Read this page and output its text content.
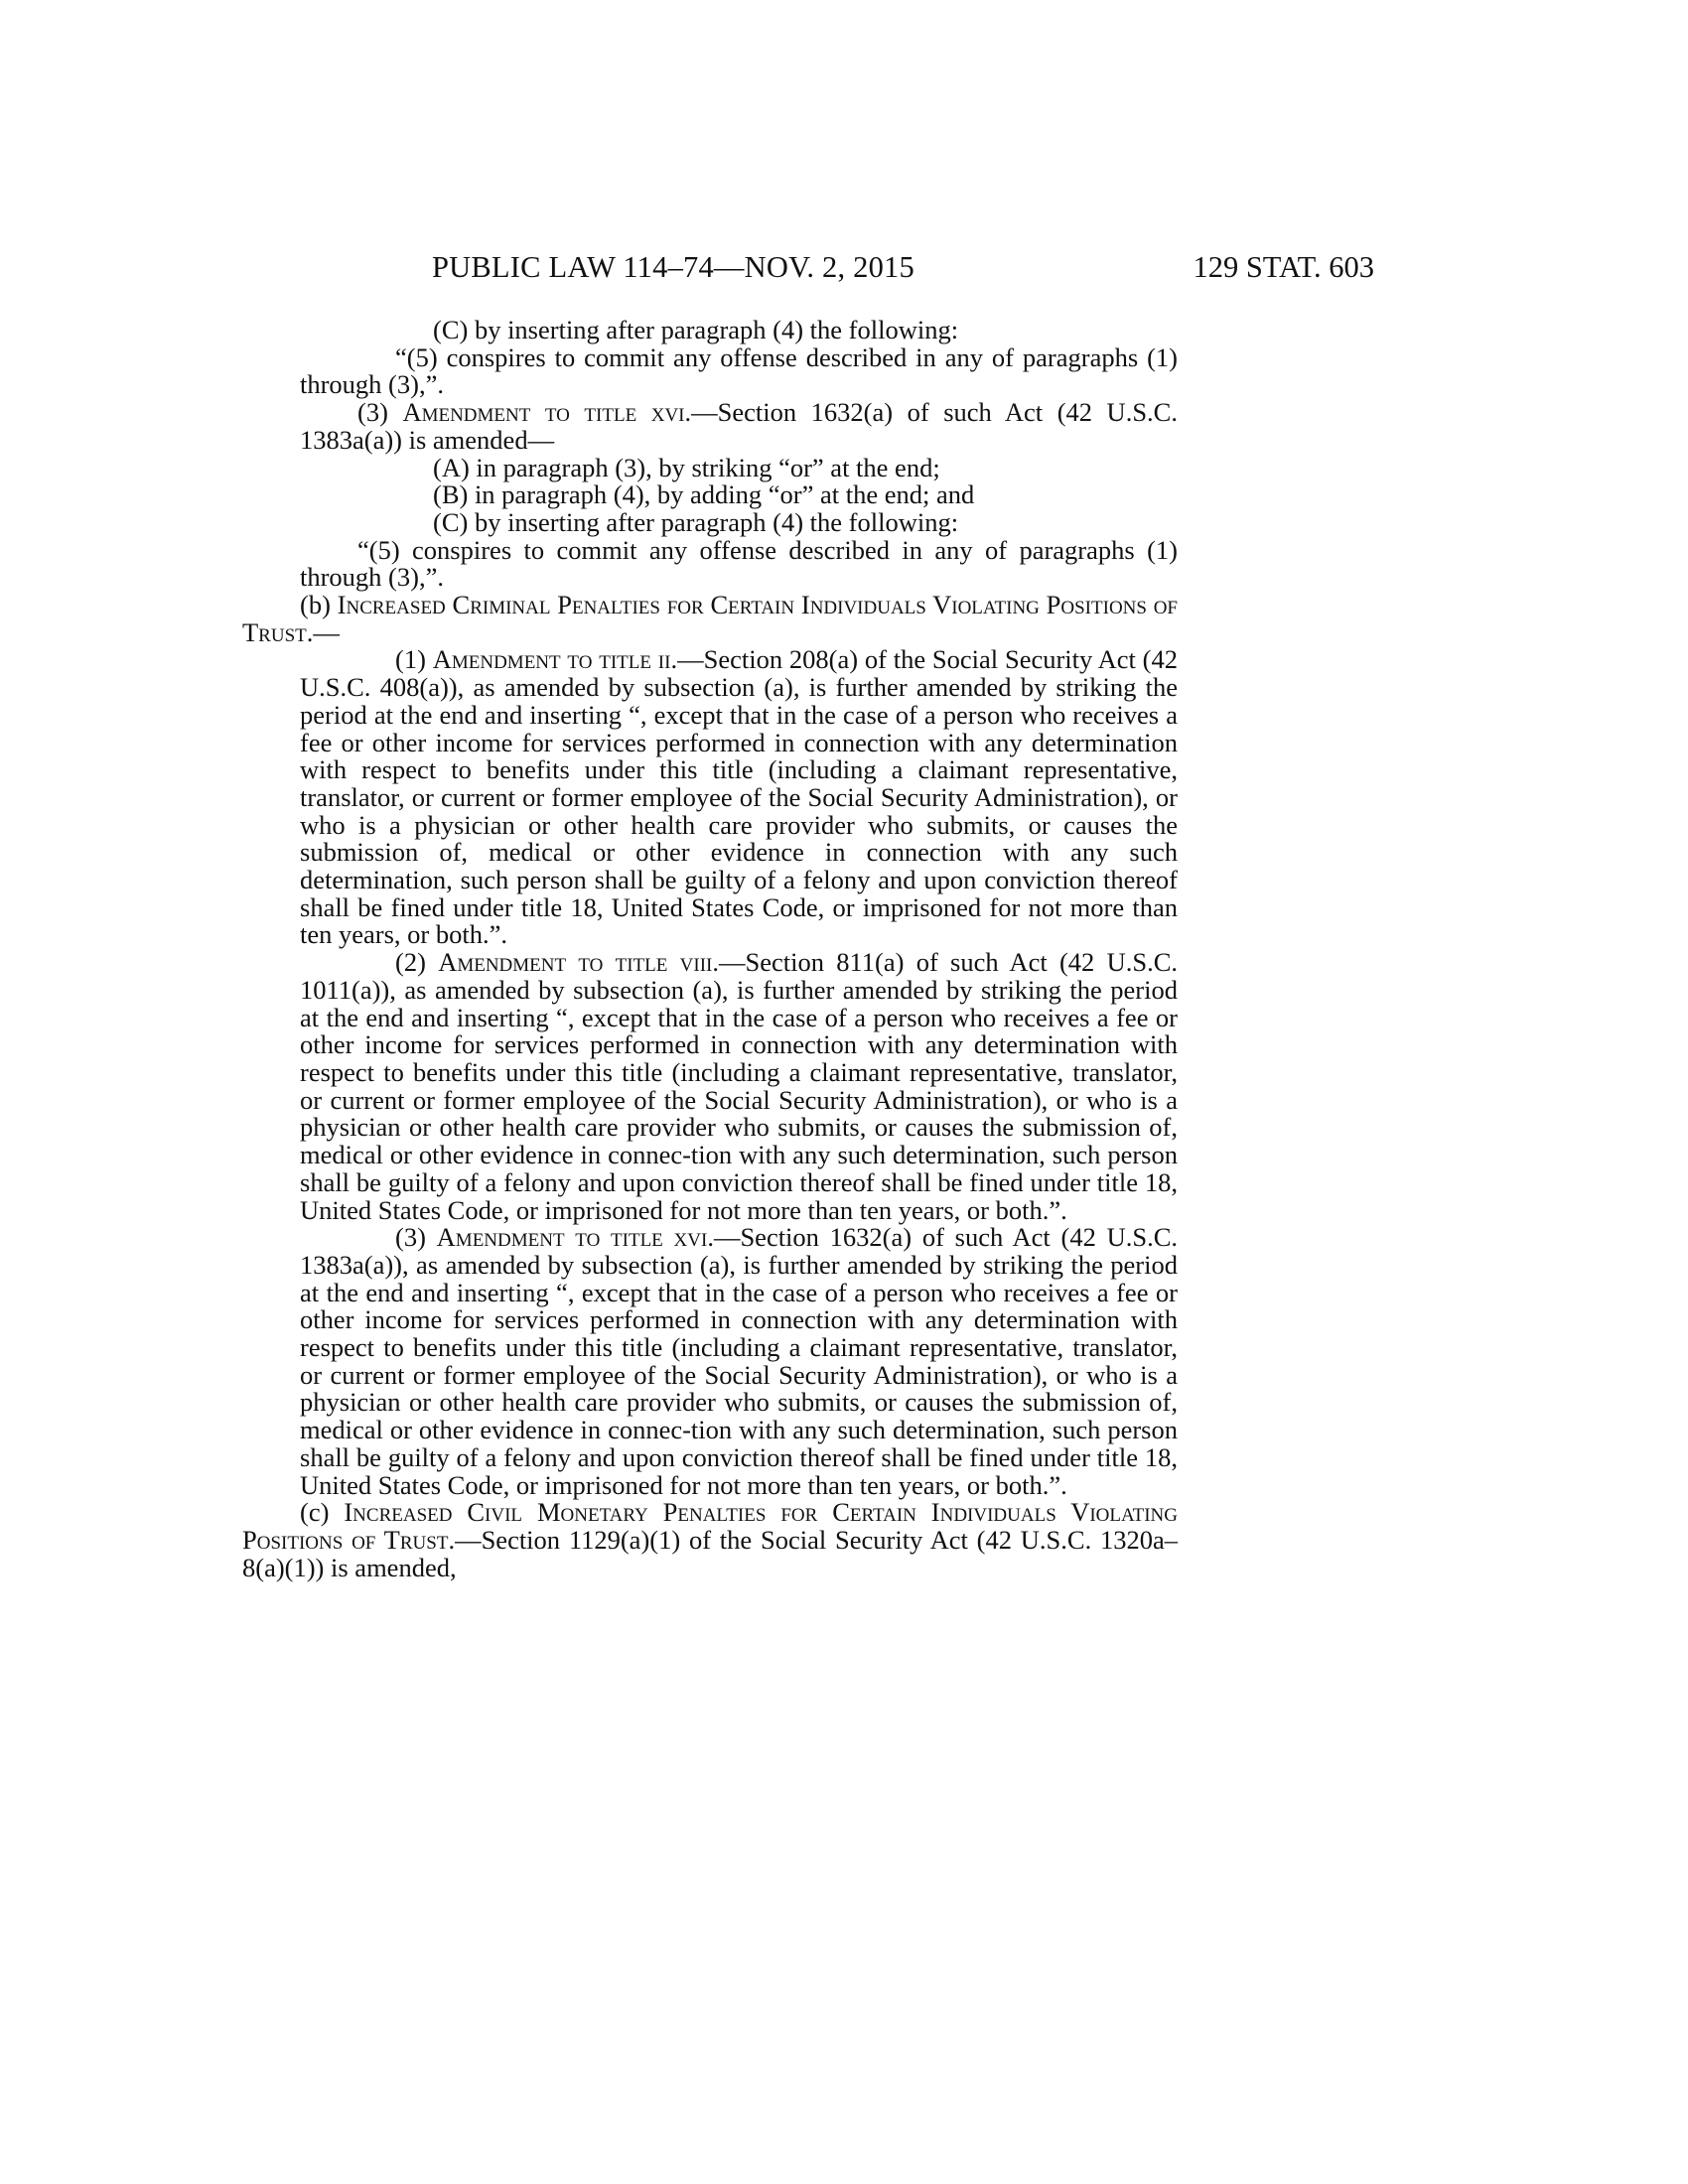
PUBLIC LAW 114–74—NOV. 2, 2015	129 STAT. 603

(C) by inserting after paragraph (4) the following:

“(5) conspires to commit any offense described in any of paragraphs (1) through (3),”.

(3) Amendment to title xvi.—Section 1632(a) of such Act (42 U.S.C. 1383a(a)) is amended—

(A) in paragraph (3), by striking “or” at the end;

(B) in paragraph (4), by adding “or” at the end; and

(C) by inserting after paragraph (4) the following:

“(5) conspires to commit any offense described in any of paragraphs (1) through (3),”.

(b) Increased Criminal Penalties for Certain Individuals Violating Positions of Trust.—

(1) Amendment to title ii.—Section 208(a) of the Social Security Act (42 U.S.C. 408(a)), as amended by subsection (a), is further amended by striking the period at the end and inserting “, except that in the case of a person who receives a fee or other income for services performed in connection with any determination with respect to benefits under this title (including a claimant representative, translator, or current or former employee of the Social Security Administration), or who is a physician or other health care provider who submits, or causes the submission of, medical or other evidence in connection with any such determination, such person shall be guilty of a felony and upon conviction thereof shall be fined under title 18, United States Code, or imprisoned for not more than ten years, or both.”.

(2) Amendment to title viii.—Section 811(a) of such Act (42 U.S.C. 1011(a)), as amended by subsection (a), is further amended by striking the period at the end and inserting “, except that in the case of a person who receives a fee or other income for services performed in connection with any determination with respect to benefits under this title (including a claimant representative, translator, or current or former employee of the Social Security Administration), or who is a physician or other health care provider who submits, or causes the submission of, medical or other evidence in connec-tion with any such determination, such person shall be guilty of a felony and upon conviction thereof shall be fined under title 18, United States Code, or imprisoned for not more than ten years, or both.”.

(3) Amendment to title xvi.—Section 1632(a) of such Act (42 U.S.C. 1383a(a)), as amended by subsection (a), is further amended by striking the period at the end and inserting “, except that in the case of a person who receives a fee or other income for services performed in connection with any determination with respect to benefits under this title (including a claimant representative, translator, or current or former employee of the Social Security Administration), or who is a physician or other health care provider who submits, or causes the submission of, medical or other evidence in connec-tion with any such determination, such person shall be guilty of a felony and upon conviction thereof shall be fined under title 18, United States Code, or imprisoned for not more than ten years, or both.”.

(c) Increased Civil Monetary Penalties for Certain Individuals Violating Positions of Trust.—Section 1129(a)(1) of the Social Security Act (42 U.S.C. 1320a–8(a)(1)) is amended,
